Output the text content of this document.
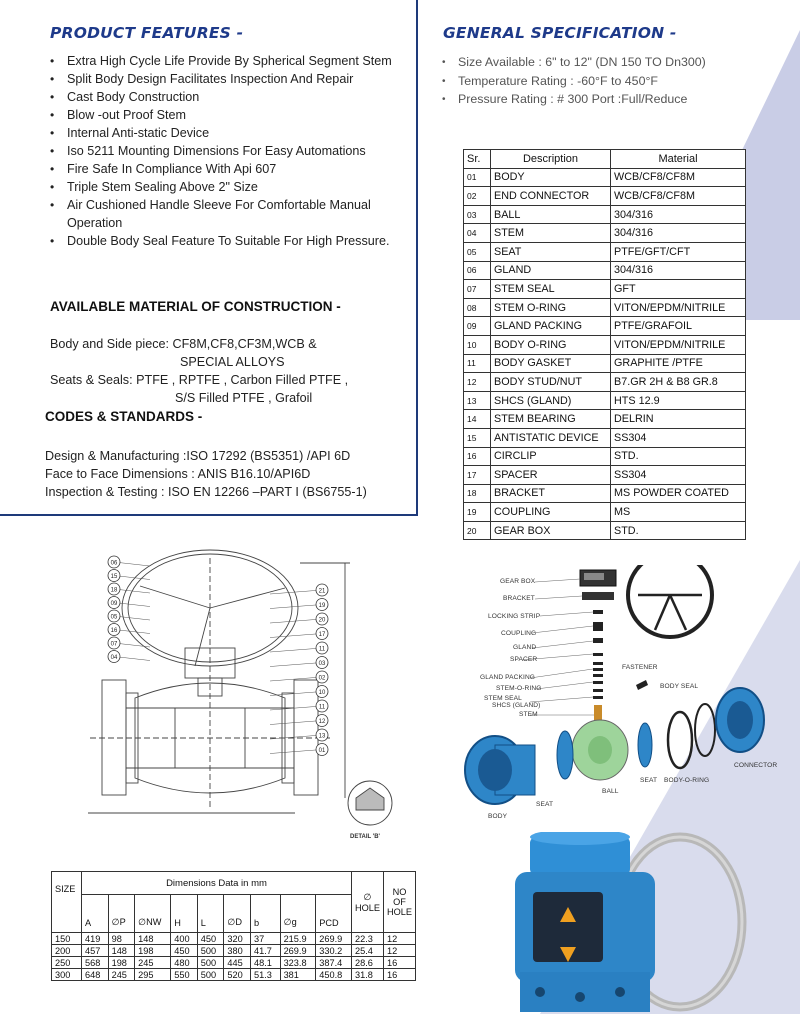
PRODUCT FEATURES -
• Extra High Cycle Life Provide By Spherical Segment Stem
• Split Body Design Facilitates Inspection And Repair
• Cast Body Construction
• Blow -out Proof Stem
• Internal Anti-static Device
• Iso 5211 Mounting Dimensions For Easy Automations
• Fire Safe In Compliance With Api 607
• Triple Stem Sealing Above 2" Size
• Air Cushioned Handle Sleeve For Comfortable Manual Operation
• Double Body Seal Feature To Suitable For High Pressure.
AVAILABLE MATERIAL OF CONSTRUCTION -
Body and Side piece: CF8M,CF8,CF3M,WCB &
SPECIAL ALLOYS
Seats & Seals: PTFE , RPTFE , Carbon Filled PTFE ,
S/S Filled PTFE , Grafoil
CODES & STANDARDS -
Design & Manufacturing :ISO 17292 (BS5351) /API 6D
Face to Face Dimensions : ANIS B16.10/API6D
Inspection & Testing : ISO EN 12266 –PART I (BS6755-1)
GENERAL SPECIFICATION -
• Size Available : 6" to 12" (DN 150 TO Dn300)
• Temperature Rating : -60°F to 450°F
• Pressure Rating : # 300 Port :Full/Reduce
Sr.	Description	Material
01	BODY	WCB/CF8/CF8M
02	END CONNECTOR	WCB/CF8/CF8M
03	BALL	304/316
04	STEM	304/316
05	SEAT	PTFE/GFT/CFT
06	GLAND	304/316
07	STEM SEAL	GFT
08	STEM O-RING	VITON/EPDM/NITRILE
09	GLAND PACKING	PTFE/GRAFOIL
10	BODY O-RING	VITON/EPDM/NITRILE
11	BODY GASKET	GRAPHITE /PTFE
12	BODY STUD/NUT	B7.GR 2H & B8 GR.8
13	SHCS (GLAND)	HTS 12.9
14	STEM BEARING	DELRIN
15	ANTISTATIC DEVICE	SS304
16	CIRCLIP	STD.
17	SPACER	SS304
18	BRACKET	MS POWDER COATED
19	COUPLING	MS
20	GEAR BOX	STD.
06
15
18
09
05
16
07
04
21
19
20
17
11
03
02
10
11
12
13
01
DETAIL 'B'
GEAR BOX
BRACKET
LOCKING STRIP
COUPLING
GLAND
SPACER
FASTENER
GLAND PACKING
STEM-O-RING	BODY SEAL
STEM SEAL
SHCS (GLAND)
STEM
CONNECTOR
SEAT BODY-O-RING
BALL
SEAT
BODY
SIZE	Dimensions Data in mm									∅ HOLE	NO OF HOLE
	A	∅P	∅NW	H	L	∅D	b	∅g	PCD		
150	419	98	148	400	450	320	37	215.9	269.9	22.3	12
200	457	148	198	450	500	380	41.7	269.9	330.2	25.4	12
250	568	198	245	480	500	445	48.1	323.8	387.4	28.6	16
300	648	245	295	550	500	520	51.3	381	450.8	31.8	16
